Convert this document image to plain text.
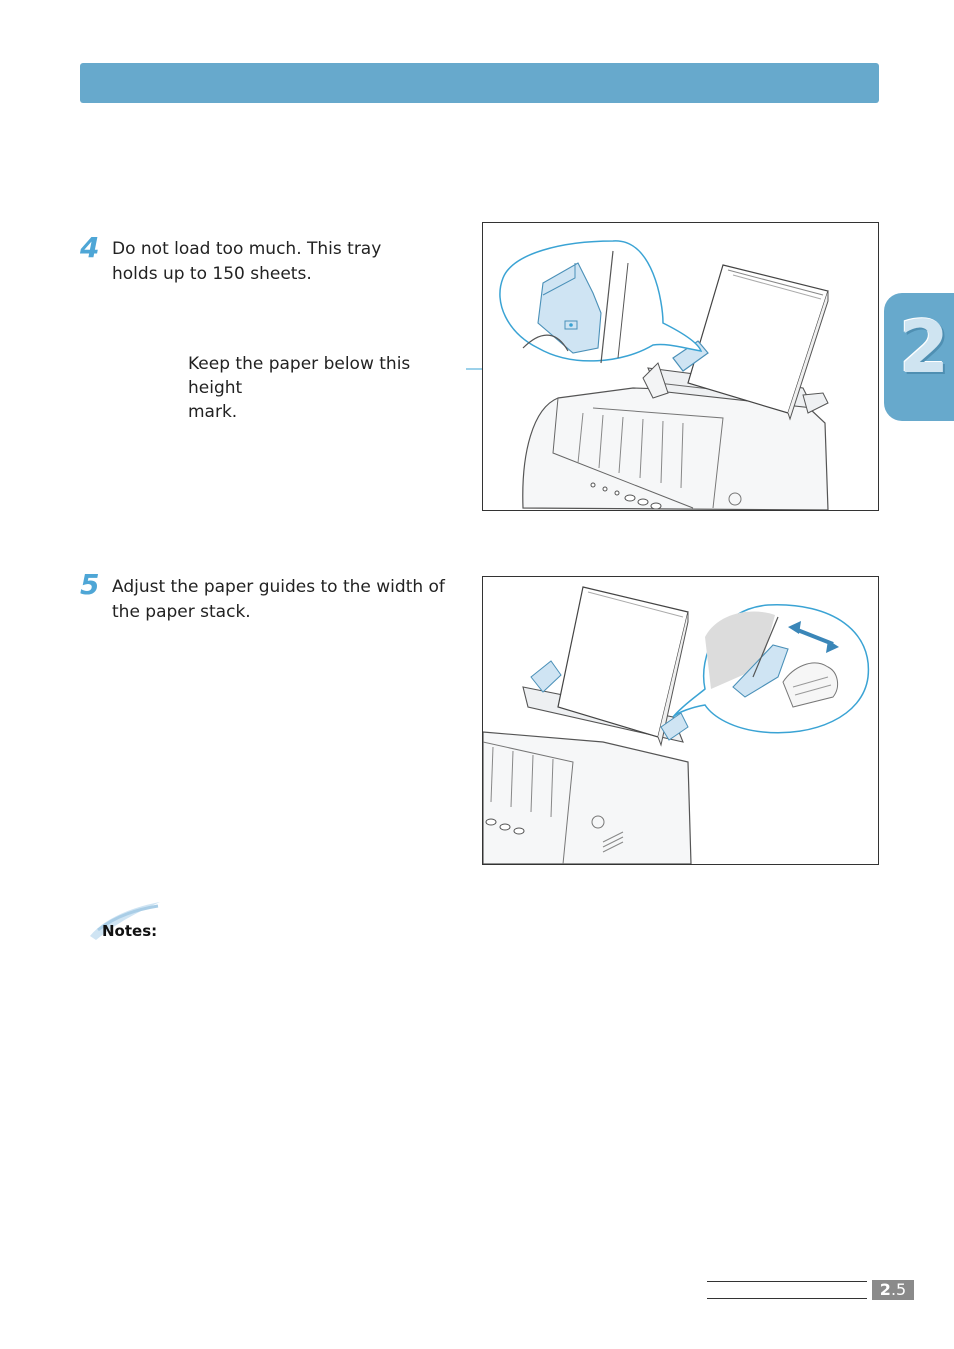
2
4 Do not load too much. This tray
holds up to 150 sheets.
Keep the paper below this height
mark.
5 Adjust the paper guides to the width of
the paper stack.
Notes:
2.5
